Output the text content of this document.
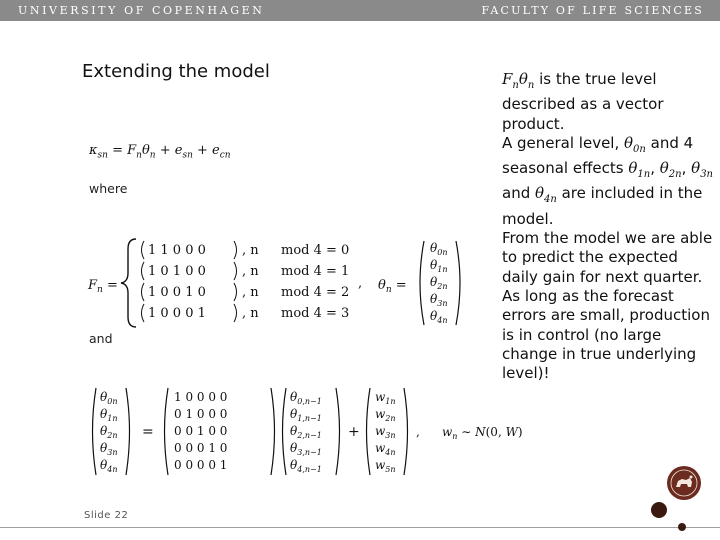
UNIVERSITY OF COPENHAGEN	FACULTY OF LIFE SCIENCES
Extending the model
$\kappa_{sn} = F_n\theta_n + e_{sn} + e_{cn}$
where
$F_n$ =
1 1 0 0 0	, n mod 4 = 0
1 0 1 0 0	, n mod 4 = 1
1 0 0 1 0	, n mod 4 = 2
1 0 0 0 1	, n mod 4 = 3
, $\theta_n$ =
$\theta_{0n}$
$\theta_{1n}$
$\theta_{2n}$
$\theta_{3n}$
$\theta_{4n}$
and
$\theta_{0n}$
$\theta_{1n}$
$\theta_{2n}$
$\theta_{3n}$
$\theta_{4n}$
=
1 0 0 0 0
0 1 0 0 0
0 0 1 0 0
0 0 0 1 0
0 0 0 0 1
$\theta_{0,n-1}$
$\theta_{1,n-1}$
$\theta_{2,n-1}$
$\theta_{3,n-1}$
$\theta_{4,n-1}$
+
$w_{1n}$
$w_{2n}$
$w_{3n}$
$w_{4n}$
$w_{5n}$
, $w_n$ ∼ N(0, W)

$F_n\theta_n$ is the true level described as a vector product.

A general level, $\theta_{0n}$ and 4 seasonal effects $\theta_{1n}$, $\theta_{2n}$, $\theta_{3n}$ and $\theta_{4n}$ are included in the model.

From the model we are able to predict the expected daily gain for next quarter.

As long as the forecast errors are small, production is in control (no large change in true underlying level)!

Slide 22
